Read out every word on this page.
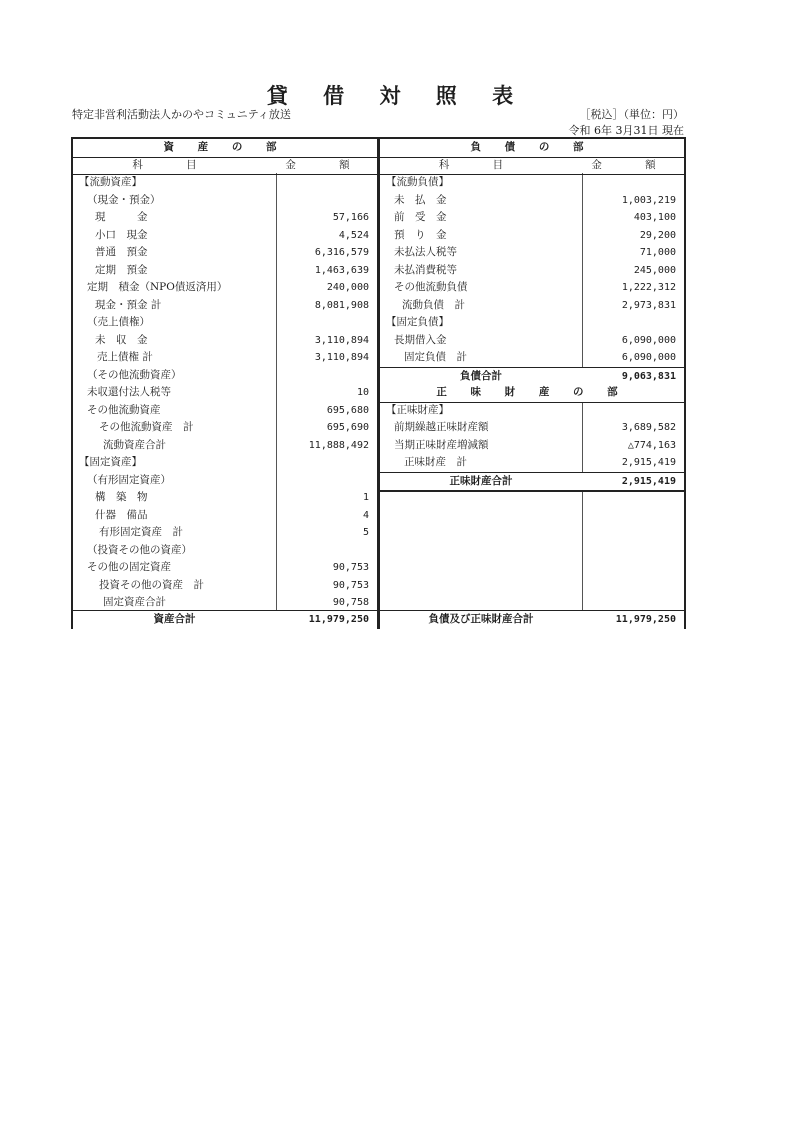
貸 借 対 照 表
特定非営利活動法人かのやコミュニティ放送	［税込］（単位：円）
令和 6年 3月31日 現在
資 産 の 部
科 目	金 額
【流動資産】
（現金・預金）
現　　　金	57,166
小口　現金	4,524
普通　預金	6,316,579
定期　預金	1,463,639
定期　積金（NPO債返済用）	240,000
現金・預金 計	8,081,908
（売上債権）
未　収　金	3,110,894
売上債権 計	3,110,894
（その他流動資産）
未収還付法人税等	10
その他流動資産	695,680
その他流動資産　計	695,690
流動資産合計	11,888,492
【固定資産】
（有形固定資産）
構　築　物	1
什器　備品	4
有形固定資産　計	5
（投資その他の資産）
その他の固定資産	90,753
投資その他の資産　計	90,753
固定資産合計	90,758
資産合計	11,979,250
負 債 の 部
科 目	金 額
【流動負債】
未　払　金	1,003,219
前　受　金	403,100
預　り　金	29,200
未払法人税等	71,000
未払消費税等	245,000
その他流動負債	1,222,312
流動負債　計	2,973,831
【固定負債】
長期借入金	6,090,000
固定負債　計	6,090,000
負債合計	9,063,831
正 味 財 産 の 部
【正味財産】
前期繰越正味財産額	3,689,582
当期正味財産増減額	△774,163
正味財産　計	2,915,419
正味財産合計	2,915,419
負債及び正味財産合計	11,979,250
